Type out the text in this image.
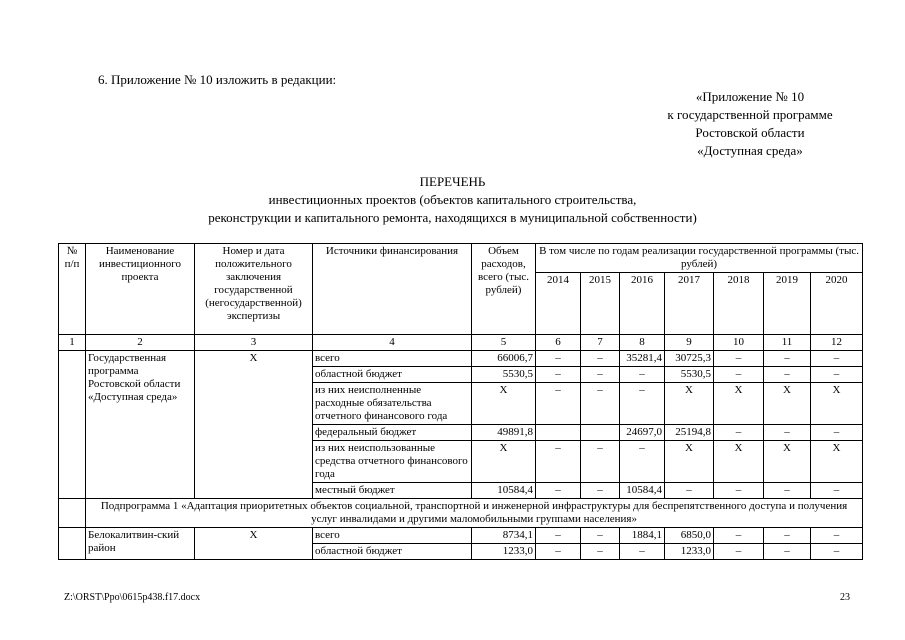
6. Приложение № 10 изложить в редакции:
«Приложение № 10
к государственной программе
Ростовской области
«Доступная среда»
ПЕРЕЧЕНЬ
инвестиционных проектов (объектов капитального строительства,
реконструкции и капитального ремонта, находящихся в муниципальной собственности)
№ п/п	Наименование инвестиционного проекта	Номер и дата положительного заключения государственной (негосударственной) экспертизы	Источники финансирования	Объем расходов, всего (тыс. рублей)	В том числе по годам реализации государственной программы (тыс. рублей)						
					2014	2015	2016	2017	2018	2019	2020
1	2	3	4	5	6	7	8	9	10	11	12
	Государственная программа Ростовской области «Доступная среда»	X	всего	66006,7	–	–	35281,4	30725,3	–	–	–
			областной бюджет	5530,5	–	–	–	5530,5	–	–	–
			из них неисполненные расходные обязательства отчетного финансового года	X	–	–	–	X	X	X	X
			федеральный бюджет	49891,8			24697,0	25194,8	–	–	–
			из них неиспользованные средства отчетного финансового года	X	–	–	–	X	X	X	X
			местный бюджет	10584,4	–	–	10584,4	–	–	–	–
	Подпрограмма 1 «Адаптация приоритетных объектов социальной, транспортной и инженерной инфраструктуры для беспрепятственного доступа и получения услуг инвалидами и другими маломобильными группами населения»										
	Белокалитвин-ский район	X	всего	8734,1	–	–	1884,1	6850,0	–	–	–
			областной бюджет	1233,0	–	–	–	1233,0	–	–	–
Z:\ORST\Ppo\0615p438.f17.docx	23
